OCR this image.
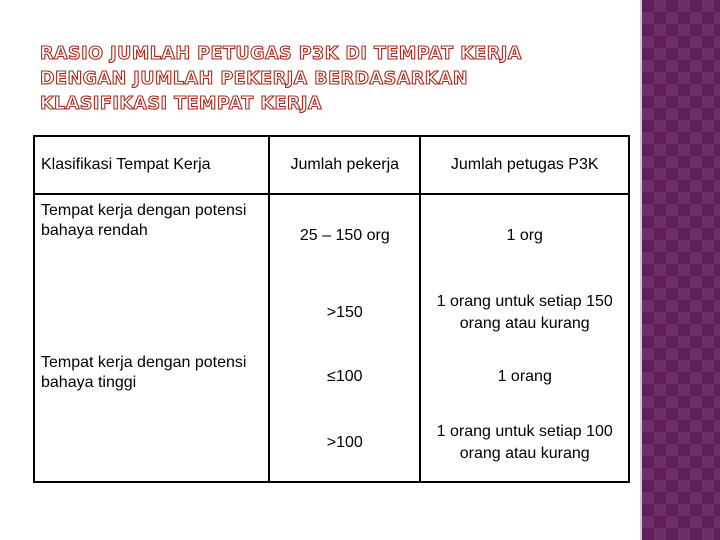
RASIO JUMLAH PETUGAS P3K DI TEMPAT KERJA DENGAN JUMLAH PEKERJA BERDASARKAN KLASIFIKASI TEMPAT KERJA
Klasifikasi Tempat Kerja	Jumlah pekerja	Jumlah petugas P3K
Tempat kerja dengan potensi bahaya rendah	25 – 150 org	1 org
	>150	1 orang untuk setiap 150 orang atau kurang
Tempat kerja dengan potensi bahaya tinggi	≤100	1 orang
	>100	1 orang untuk setiap 100 orang atau kurang
